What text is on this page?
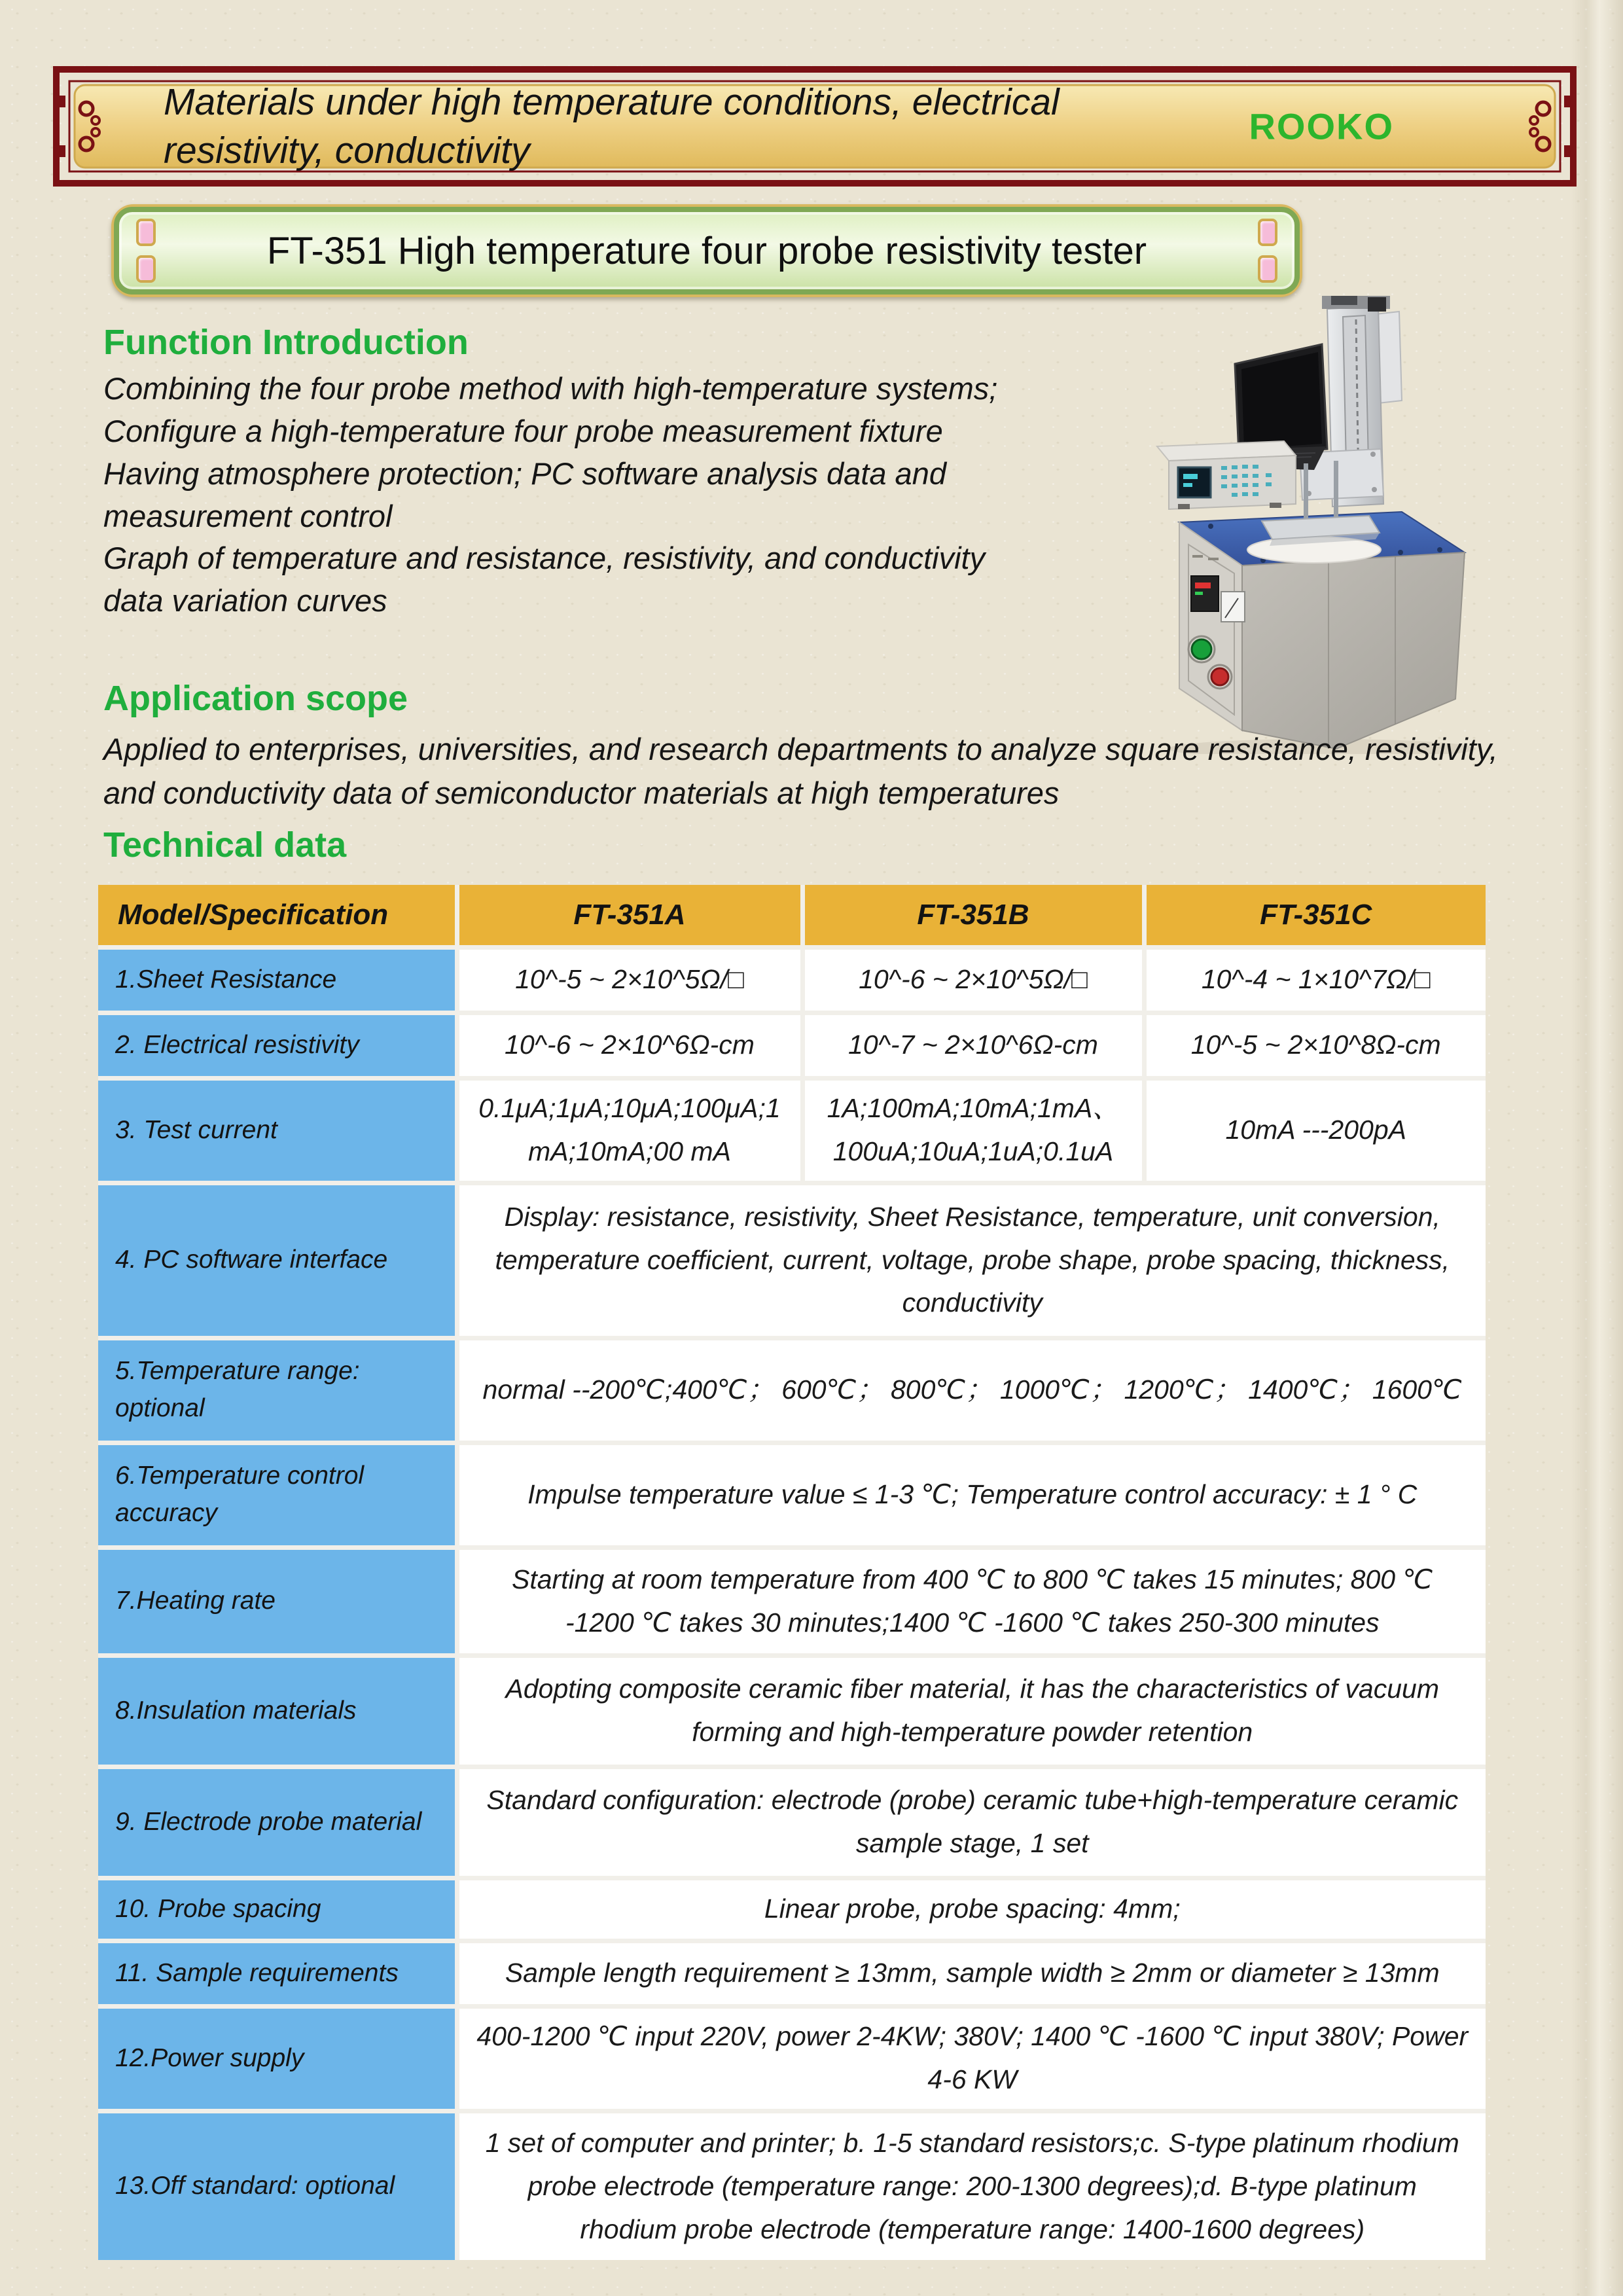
Materials under high temperature conditions, electrical resistivity, conductivity
ROOKO
FT-351 High temperature four probe resistivity tester
Function Introduction

Combining the four probe method with high-temperature systems; Configure a high-temperature four probe measurement fixture

Having atmosphere protection; PC software analysis data and measurement control

Graph of temperature and resistance, resistivity, and conductivity data variation curves

Application scope
Applied to enterprises, universities, and research departments to analyze square resistance, resistivity, and conductivity data of semiconductor materials at high temperatures
Technical data
Model/Specification	FT-351A	FT-351B	FT-351C
1.Sheet Resistance	10^-5 ~ 2×10^5Ω/□	10^-6 ~ 2×10^5Ω/□	10^-4 ~ 1×10^7Ω/□
2. Electrical resistivity	10^-6 ~ 2×10^6Ω-cm	10^-7 ~ 2×10^6Ω-cm	10^-5 ~ 2×10^8Ω-cm
3. Test current	0.1μA;1μA;10μA;100μA;1 mA;10mA;00 mA	1A;100mA;10mA;1mA、 100uA;10uA;1uA;0.1uA	10mA ---200pA
4. PC software interface	Display: resistance, resistivity, Sheet Resistance, temperature, unit conversion, temperature coefficient, current, voltage, probe shape, probe spacing, thickness, conductivity		
5.Temperature range: optional	normal --200℃;400℃； 600℃； 800℃； 1000℃； 1200℃； 1400℃； 1600℃		
6.Temperature control accuracy	Impulse temperature value ≤ 1-3 ℃; Temperature control accuracy: ± 1 ° C		
7.Heating rate	Starting at room temperature from 400 ℃ to 800 ℃ takes 15 minutes; 800 ℃ -1200 ℃ takes 30 minutes;1400 ℃ -1600 ℃ takes 250-300 minutes		
8.Insulation materials	Adopting composite ceramic fiber material, it has the characteristics of vacuum forming and high-temperature powder retention		
9. Electrode probe material	Standard configuration: electrode (probe) ceramic tube+high-temperature ceramic sample stage, 1 set		
10. Probe spacing	Linear probe, probe spacing: 4mm;		
11. Sample requirements	Sample length requirement ≥ 13mm, sample width ≥ 2mm or diameter ≥ 13mm		
12.Power supply	400-1200 ℃ input 220V, power 2-4KW; 380V; 1400 ℃ -1600 ℃ input 380V; Power 4-6 KW		
13.Off standard: optional	1 set of computer and printer; b. 1-5 standard resistors;c. S-type platinum rhodium probe electrode (temperature range: 200-1300 degrees);d. B-type platinum rhodium probe electrode (temperature range: 1400-1600 degrees)		
